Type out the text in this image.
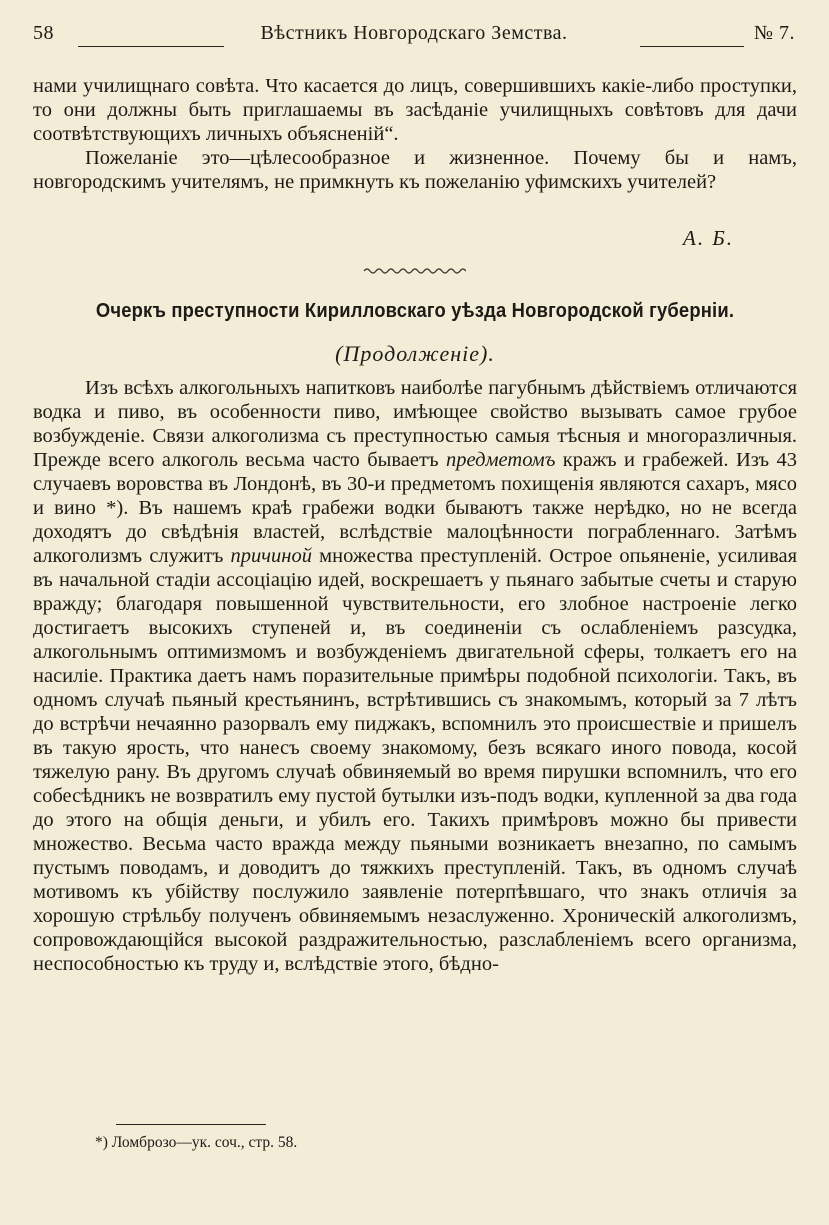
58	Вѣстникъ Новгородскаго Земства.	№ 7.

нами училищнаго совѣта. Что касается до лицъ, совершившихъ какіе-либо проступки, то они должны быть приглашаемы въ засѣданіе училищныхъ совѣтовъ для дачи соотвѣтствующихъ личныхъ объясненій“.

Пожеланіе это—цѣлесообразное и жизненное. Почему бы и намъ, новгородскимъ учителямъ, не примкнуть къ пожеланію уфимскихъ учителей?

А. Б.
Очеркъ преступности Кирилловскаго уѣзда Новгородской губерніи.
(Продолженіе).

Изъ всѣхъ алкогольныхъ напитковъ наиболѣе пагубнымъ дѣйствіемъ отличаются водка и пиво, въ особенности пиво, имѣющее свойство вызывать самое грубое возбужденіе. Связи алкоголизма съ преступностью самыя тѣсныя и многоразличныя. Прежде всего алкоголь весьма часто бываетъ предметомъ кражъ и грабежей. Изъ 43 случаевъ воровства въ Лондонѣ, въ 30-и предметомъ похищенія являются сахаръ, мясо и вино *). Въ нашемъ краѣ грабежи водки бываютъ также нерѣдко, но не всегда доходятъ до свѣдѣнія властей, вслѣдствіе малоцѣнности пограбленнаго. Затѣмъ алкоголизмъ служитъ причиной множества преступленій. Острое опьяненіе, усиливая въ начальной стадіи ассоціацію идей, воскрешаетъ у пьянаго забытые счеты и старую вражду; благодаря повышенной чувствительности, его злобное настроеніе легко достигаетъ высокихъ ступеней и, въ соединеніи съ ослабленіемъ разсудка, алкогольнымъ оптимизмомъ и возбужденіемъ двигательной сферы, толкаетъ его на насиліе. Практика даетъ намъ поразительные примѣры подобной психологіи. Такъ, въ одномъ случаѣ пьяный крестьянинъ, встрѣтившись съ знакомымъ, который за 7 лѣтъ до встрѣчи нечаянно разорвалъ ему пиджакъ, вспомнилъ это происшествіе и пришелъ въ такую ярость, что нанесъ своему знакомому, безъ всякаго иного повода, косой тяжелую рану. Въ другомъ случаѣ обвиняемый во время пирушки вспомнилъ, что его собесѣдникъ не возвратилъ ему пустой бутылки изъ-подъ водки, купленной за два года до этого на общія деньги, и убилъ его. Такихъ примѣровъ можно бы привести множество. Весьма часто вражда между пьяными возникаетъ внезапно, по самымъ пустымъ поводамъ, и доводитъ до тяжкихъ преступленій. Такъ, въ одномъ случаѣ мотивомъ къ убійству послужило заявленіе потерпѣвшаго, что знакъ отличія за хорошую стрѣльбу полученъ обвиняемымъ незаслуженно. Хроническій алкоголизмъ, сопровождающійся высокой раздражительностью, разслабленіемъ всего организма, неспособностью къ труду и, вслѣдствіе этого, бѣдно-

*) Ломброзо—ук. соч., стр. 58.
